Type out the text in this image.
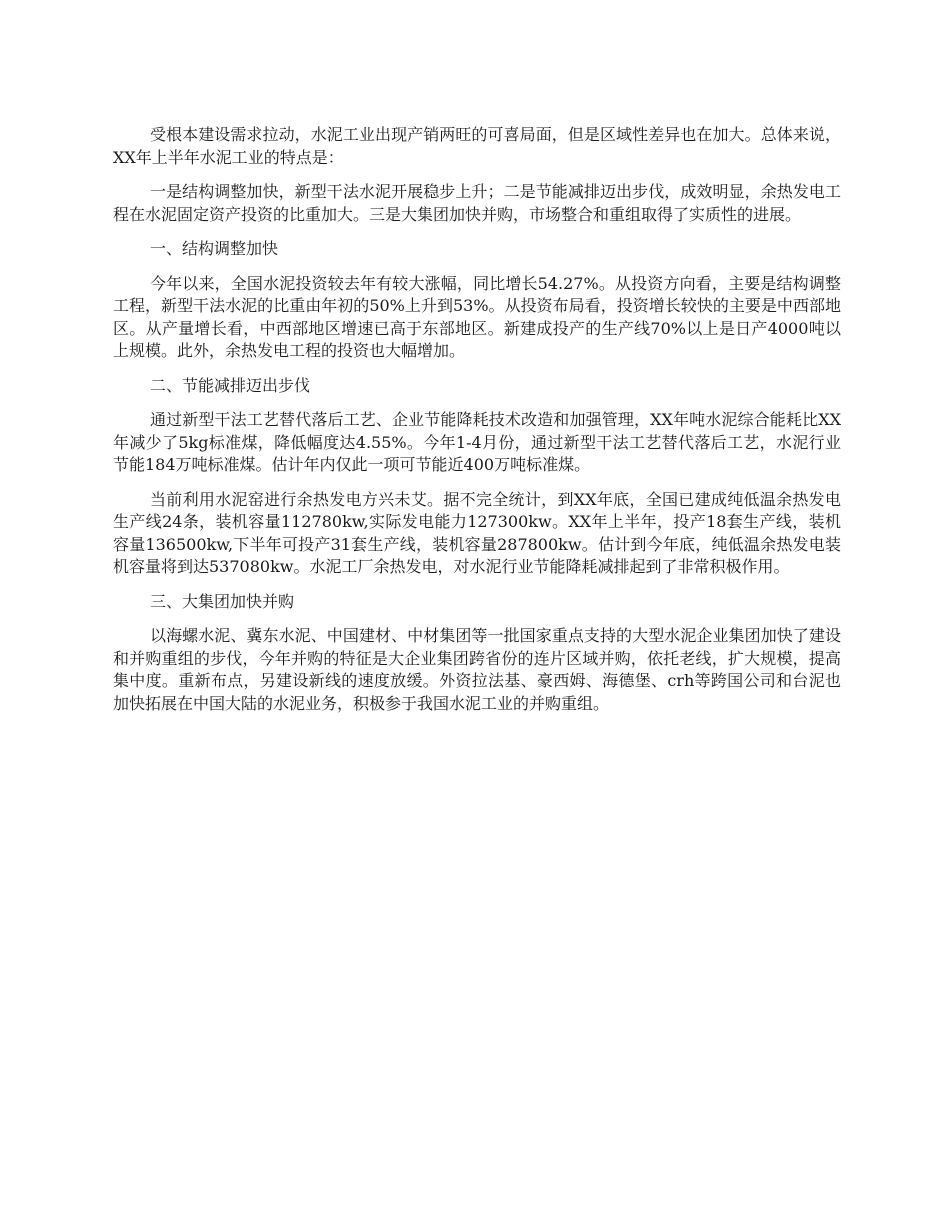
受根本建设需求拉动，水泥工业出现产销两旺的可喜局面，但是区域性差异也在加大。总体来说，XX年上半年水泥工业的特点是：

一是结构调整加快，新型干法水泥开展稳步上升；二是节能减排迈出步伐，成效明显，余热发电工程在水泥固定资产投资的比重加大。三是大集团加快并购，市场整合和重组取得了实质性的进展。

一、结构调整加快

今年以来，全国水泥投资较去年有较大涨幅，同比增长54.27%。从投资方向看，主要是结构调整工程，新型干法水泥的比重由年初的50%上升到53%。从投资布局看，投资增长较快的主要是中西部地区。从产量增长看，中西部地区增速已高于东部地区。新建成投产的生产线70%以上是日产4000吨以上规模。此外，余热发电工程的投资也大幅增加。

二、节能减排迈出步伐

通过新型干法工艺替代落后工艺、企业节能降耗技术改造和加强管理，XX年吨水泥综合能耗比XX年减少了5kg标准煤，降低幅度达4.55%。今年1-4月份，通过新型干法工艺替代落后工艺，水泥行业节能184万吨标准煤。估计年内仅此一项可节能近400万吨标准煤。

当前利用水泥窑进行余热发电方兴未艾。据不完全统计，到XX年底，全国已建成纯低温余热发电生产线24条，装机容量112780kw,实际发电能力127300kw。XX年上半年，投产18套生产线，装机容量136500kw,下半年可投产31套生产线，装机容量287800kw。估计到今年底，纯低温余热发电装机容量将到达537080kw。水泥工厂余热发电，对水泥行业节能降耗减排起到了非常积极作用。

三、大集团加快并购

以海螺水泥、冀东水泥、中国建材、中材集团等一批国家重点支持的大型水泥企业集团加快了建设和并购重组的步伐，今年并购的特征是大企业集团跨省份的连片区域并购，依托老线，扩大规模，提高集中度。重新布点，另建设新线的速度放缓。外资拉法基、豪西姆、海德堡、crh等跨国公司和台泥也加快拓展在中国大陆的水泥业务，积极参于我国水泥工业的并购重组。
